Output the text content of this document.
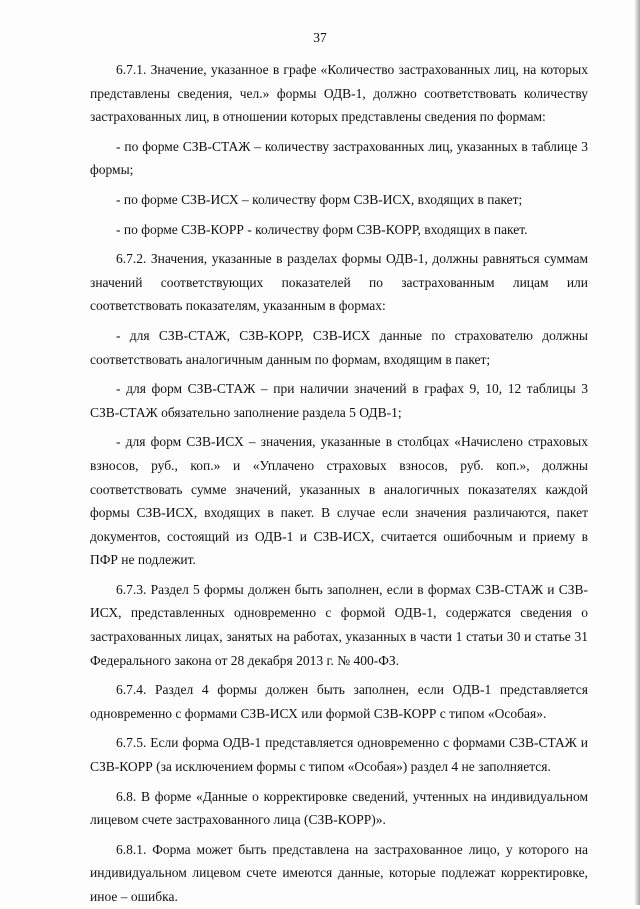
37

6.7.1. Значение, указанное в графе «Количество застрахованных лиц, на которых представлены сведения, чел.» формы ОДВ-1, должно соответствовать количеству застрахованных лиц, в отношении которых представлены сведения по формам:

- по форме СЗВ-СТАЖ – количеству застрахованных лиц, указанных в таблице 3 формы;

- по форме СЗВ-ИСХ – количеству форм СЗВ-ИСХ, входящих в пакет;

- по форме СЗВ-КОРР - количеству форм СЗВ-КОРР, входящих в пакет.

6.7.2. Значения, указанные в разделах формы ОДВ-1, должны равняться суммам значений соответствующих показателей по застрахованным лицам или соответствовать показателям, указанным в формах:

- для СЗВ-СТАЖ, СЗВ-КОРР, СЗВ-ИСХ данные по страхователю должны соответствовать аналогичным данным по формам, входящим в пакет;

- для форм СЗВ-СТАЖ – при наличии значений в графах 9, 10, 12 таблицы 3 СЗВ-СТАЖ обязательно заполнение раздела 5 ОДВ-1;

- для форм СЗВ-ИСХ – значения, указанные в столбцах «Начислено страховых взносов, руб., коп.» и «Уплачено страховых взносов, руб. коп.», должны соответствовать сумме значений, указанных в аналогичных показателях каждой формы СЗВ-ИСХ, входящих в пакет. В случае если значения различаются, пакет документов, состоящий из ОДВ-1 и СЗВ-ИСХ, считается ошибочным и приему в ПФР не подлежит.

6.7.3. Раздел 5 формы должен быть заполнен, если в формах СЗВ-СТАЖ и СЗВ-ИСХ, представленных одновременно с формой ОДВ-1, содержатся сведения о застрахованных лицах, занятых на работах, указанных в части 1 статьи 30 и статье 31 Федерального закона от 28 декабря 2013 г. № 400-ФЗ.

6.7.4. Раздел 4 формы должен быть заполнен, если ОДВ-1 представляется одновременно с формами СЗВ-ИСХ или формой СЗВ-КОРР с типом «Особая».

6.7.5. Если форма ОДВ-1 представляется одновременно с формами СЗВ-СТАЖ и СЗВ-КОРР (за исключением формы с типом «Особая») раздел 4 не заполняется.

6.8. В форме «Данные о корректировке сведений, учтенных на индивидуальном лицевом счете застрахованного лица (СЗВ-КОРР)».

6.8.1. Форма может быть представлена на застрахованное лицо, у которого на индивидуальном лицевом счете имеются данные, которые подлежат корректировке, иное – ошибка.
